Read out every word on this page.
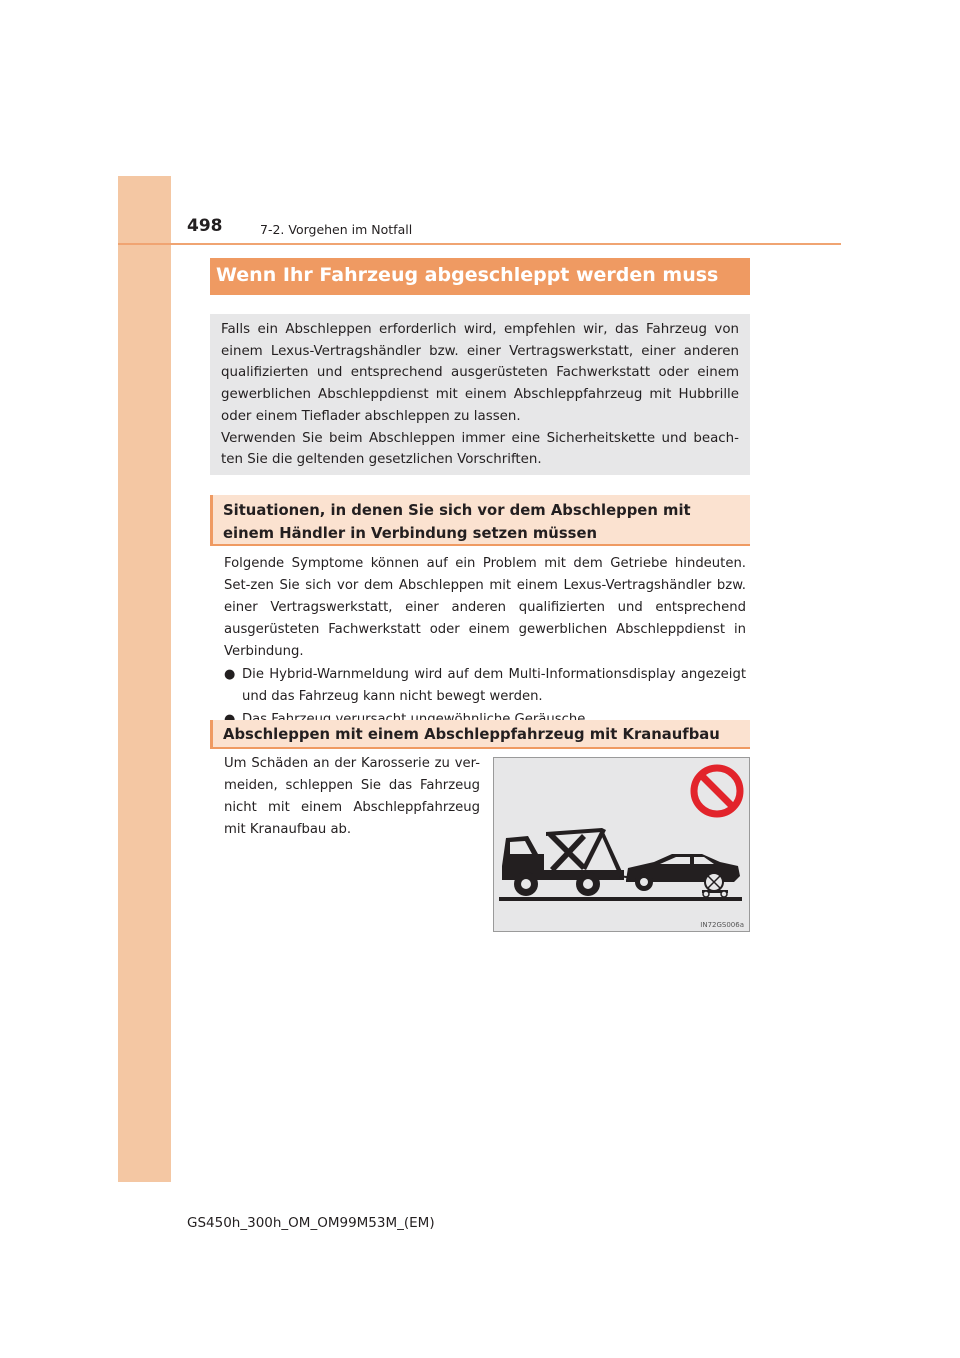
498	7-2. Vorgehen im Notfall
Wenn Ihr Fahrzeug abgeschleppt werden muss

Falls ein Abschleppen erforderlich wird, empfehlen wir, das Fahrzeug von einem Lexus-Vertragshändler bzw. einer Vertragswerkstatt, einer anderen qualifizierten und entsprechend ausgerüsteten Fachwerkstatt oder einem gewerblichen Abschleppdienst mit einem Abschleppfahrzeug mit Hubbrille oder einem Tieflader abschleppen zu lassen.

Verwenden Sie beim Abschleppen immer eine Sicherheitskette und beach-ten Sie die geltenden gesetzlichen Vorschriften.

Situationen, in denen Sie sich vor dem Abschleppen mit einem Händler in Verbindung setzen müssen

Folgende Symptome können auf ein Problem mit dem Getriebe hindeuten. Set-zen Sie sich vor dem Abschleppen mit einem Lexus-Vertragshändler bzw. einer Vertragswerkstatt, einer anderen qualifizierten und entsprechend ausgerüsteten Fachwerkstatt oder einem gewerblichen Abschleppdienst in Verbindung.

● Die Hybrid-Warnmeldung wird auf dem Multi-Informationsdisplay angezeigt und das Fahrzeug kann nicht bewegt werden.

Abschleppen mit einem Abschleppfahrzeug mit Kranaufbau

Um Schäden an der Karosserie zu ver-meiden, schleppen Sie das Fahrzeug nicht mit einem Abschleppfahrzeug mit Kranaufbau ab.

IN72GS006a
GS450h_300h_OM_OM99M53M_(EM)
